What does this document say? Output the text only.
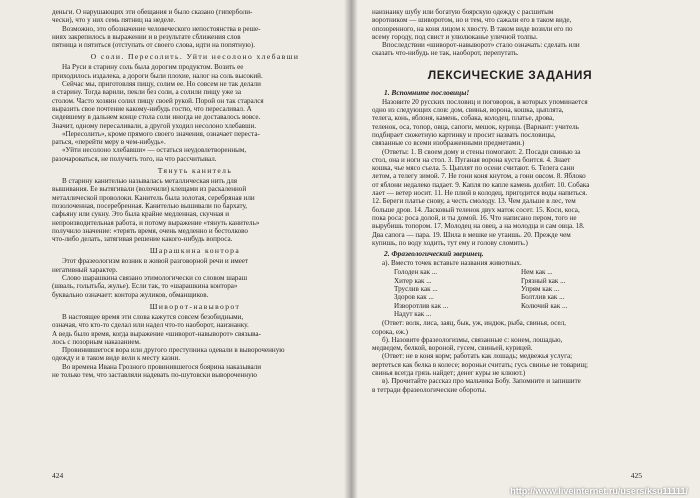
деньги. О нарушающих эти обещания и было сказано (гиперболи-

чески), что у них семь пятниц на неделе.

Возможно, это обозначение человеческого непостоянства в реше-

ниях закрепилось в выражении и в результате сближения слов

пятница и пятиться (отступать от своего слова, идти на попятную).

О соли. Пересолить. Уйти несолоно хлебавши

На Руси в старину соль была дорогим продуктом. Возить ее

приходилось издалека, а дороги были плохие, налог на соль высокий.

Сейчас мы, приготовляя пищу, солим ее. Но совсем не так делали

в старину. Тогда варили, пекли без соли, а солили пищу уже за

столом. Часто хозяин солил пищу своей рукой. Порой он так старался

выразить свое почтение какому-нибудь гостю, что пересаливал. А

сидевшему в дальнем конце стола соли иногда не доставалось вовсе.

Значит, одному пересаливали, а другой уходил несолоно хлебавши.

«Пересолить», кроме прямого своего значения, означает переста-

раться, «перейти меру в чем-нибудь».

«Уйти несолоно хлебавши» — остаться неудовлетворенным,

разочароваться, не получить того, на что рассчитывал.

Тянуть канитель

В старину канителью называлась металлическая нить для

вышивания. Ее вытягивали (волочили) клещами из раскаленной

металлической проволоки. Канитель была золотая, серебряная или

позолоченная, посеребренная. Канителью вышивали по бархату,

сафьяну или сукну. Это была крайне медленная, скучная и

непроизводительная работа, и потому выражение «тянуть канитель»

получило значение: «терять время, очень медленно и бестолково

что-либо делать, затягивая решение какого-нибудь вопроса.

Шарашкина контора

Этот фразеологизм возник в живой разговорной речи и имеет

негативный характер.

Слово шарашкина связано этимологически со словом шараш

(шваль, голытьба, жулье). Если так, то «шарашкина контора»

буквально означает: контора жуликов, обманщиков.

Шиворот-навыворот

В настоящее время эти слова кажутся совсем безобидными,

означая, что кто-то сделал или надел что-то наоборот, наизнанку.

А ведь было время, когда выражение «шиворот-навыворот» связыва-

лось с позорным наказанием.

Провинившегося вора или другого преступника одевали в вывороченную

одежду и в таком виде вели к месту казни.

Во времена Ивана Грозного провинившегося боярина наказывали

не только тем, что заставляли надевать по-шутовски вывороченную

424

наизнанку шубу или богатую боярскую одежду с расшитым

воротником — шиворотом, но и тем, что сажали его в таком виде,

опозоренного, на коня лицом к хвосту. В таком виде возили его по

всему городу, под свист и улюлюканье уличной толпы.

Впоследствии «шиворот-навыворот» стало означать: сделать или

сказать что-нибудь не так, наоборот, перепутать.

ЛЕКСИЧЕСКИЕ ЗАДАНИЯ
1. Вспомните пословицы!

Назовите 20 русских пословиц и поговорок, в которых упоминается

одно из следующих слов: дом, свинья, ворона, кошка, цыплята,

телега, конь, яблоня, камень, собака, колодец, платье, дрова,

теленок, оса, топор, овца, сапоги, мешок, курица. (Вариант: учитель

подбирает сюжетную картинку и просит назвать пословицы,

связанные со всеми изображенными предметами.)

(Ответы: 1. В своем дому и стены помогают. 2. Посади свинью за

стол, она и ноги на стол. 3. Пуганая ворона куста боится. 4. Знает

кошка, чье мясо съела. 5. Цыплят по осени считают. 6. Телега сани

летом, а телегу зимой. 7. Не гони коня кнутом, а гони овсом. 8. Яблоко

от яблони недалеко падает. 9. Капля по капле камень долбит. 10. Собака

лает — ветер носит. 11. Не плюй в колодец, пригодится воды напиться.

12. Береги платье снову, а честь смолоду. 13. Чем дальше в лес, тем

больше дров. 14. Ласковый теленок двух маток сосет. 15. Коси, коса,

пока роса: роса долой, и ты домой. 16. Что написано пером, того не

вырубишь топором. 17. Молодец на овец, а на молодца и сам овца. 18.

Два сапога — пара. 19. Шила в мешке не утаишь. 20. Прежде чем

купишь, по воду ходить, тут ему и голову сломить.)

2. Фразеологический зверинец.

а). Вместо точек вставьте названия животных.

Голоден как ...

Хитер как ...

Труслив как ...

Здоров как ...

Изворотлив как ...

Надут как ...

Нем как ...

Грязный как ...

Упрям как ...

Болтлив как ...

Колючий как ...

(Ответ: волк, лиса, заяц, бык, уж, индюк, рыба, свинья, осел,

сорока, еж.)

б). Назовите фразеологизмы, связанные с: конем, лошадью,

медведем, белкой, вороной, гусем, свиньей, курицей.

(Ответ: не в коня корм; работать как лошадь; медвежья услуга;

вертеться как белка в колесе; вороньи считать; гусь свинье не товарищ;

свинья всегда грязь найдет; денег куры не клюют.)

в). Прочитайте рассказ про мальчика Бобу. Запомните и запишите

в тетради фразеологические обороты.

425
http://www.liveinternet.ru/users/ksu11111/
